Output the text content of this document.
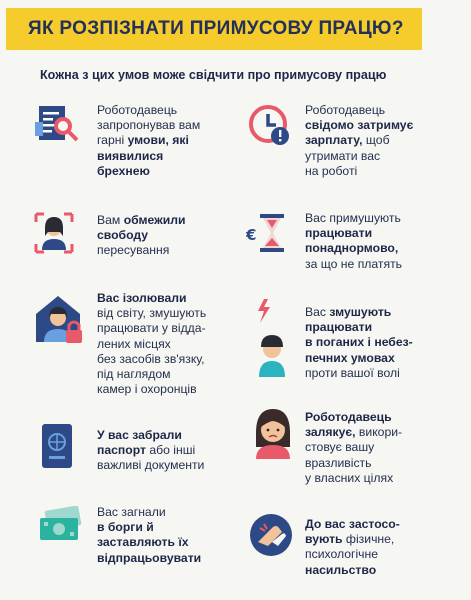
ЯК РОЗПІЗНАТИ ПРИМУСОВУ ПРАЦЮ?
Кожна з цих умов може свідчити про примусову працю
Роботодавець
запропонував вам
гарні умови, які
виявилися
брехнею
Роботодавець
свідомо затримує
зарплату, щоб
утримати вас
на роботі
Вам обмежили
свободу
пересування
€
Вас примушують
працювати
понаднормово,
за що не платять
Вас ізолювали
від світу, змушують
працювати у відда-
лених місцях
без засобів зв'язку,
під наглядом
камер і охоронців
Вас змушують
працювати
в поганих і небез-
печних умовах
проти вашої волі
У вас забрали
паспорт або інші
важливі документи
Роботодавець
залякує, викори-
стовує вашу
вразливість
у власних цілях
Вас загнали
в борги й
заставляють їх
відпрацьовувати
До вас застосо-
вують фізичне,
психологічне
насильство
